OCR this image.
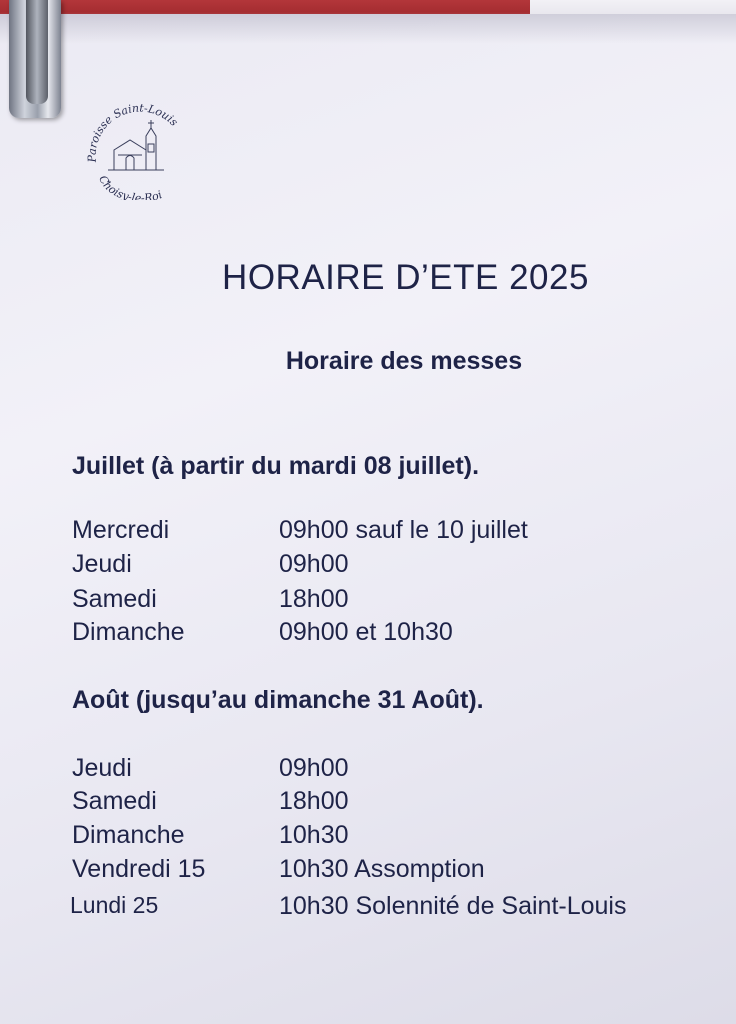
Paroisse Saint-Louis
Choisy-le-Roi
HORAIRE D’ETE 2025
Horaire des messes
Juillet (à partir du mardi 08 juillet).
Mercredi	09h00 sauf le 10 juillet
Jeudi	09h00
Samedi	18h00
Dimanche	09h00 et 10h30
Août (jusqu’au dimanche 31 Août).
Jeudi	09h00
Samedi	18h00
Dimanche	10h30
Vendredi 15	10h30 Assomption
Lundi 25	10h30 Solennité de Saint-Louis
